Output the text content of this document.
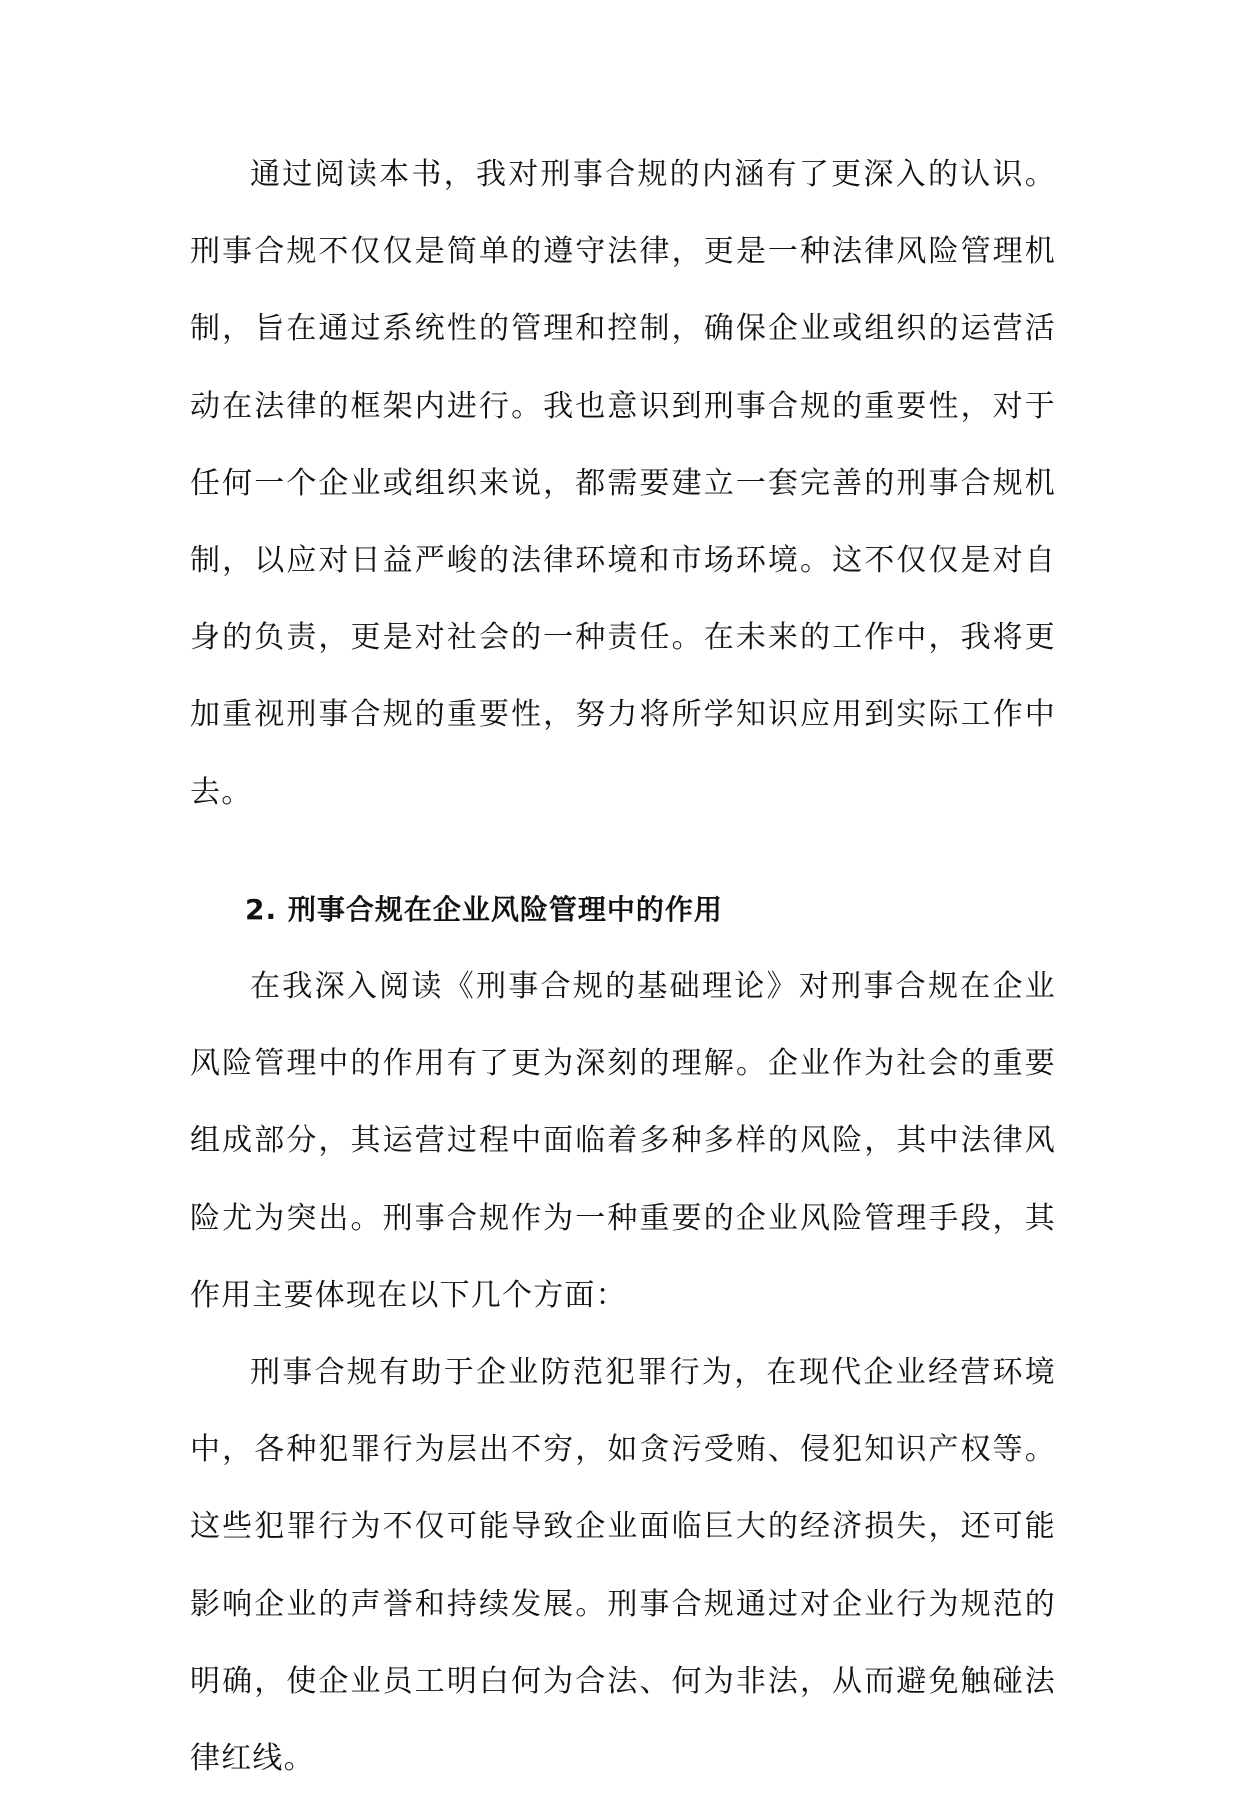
通过阅读本书，我对刑事合规的内涵有了更深入的认识。刑事合规不仅仅是简单的遵守法律，更是一种法律风险管理机制，旨在通过系统性的管理和控制，确保企业或组织的运营活动在法律的框架内进行。我也意识到刑事合规的重要性，对于任何一个企业或组织来说，都需要建立一套完善的刑事合规机制，以应对日益严峻的法律环境和市场环境。这不仅仅是对自身的负责，更是对社会的一种责任。在未来的工作中，我将更加重视刑事合规的重要性，努力将所学知识应用到实际工作中去。

2. 刑事合规在企业风险管理中的作用

在我深入阅读《刑事合规的基础理论》对刑事合规在企业风险管理中的作用有了更为深刻的理解。企业作为社会的重要组成部分，其运营过程中面临着多种多样的风险，其中法律风险尤为突出。刑事合规作为一种重要的企业风险管理手段，其作用主要体现在以下几个方面：

刑事合规有助于企业防范犯罪行为，在现代企业经营环境中，各种犯罪行为层出不穷，如贪污受贿、侵犯知识产权等。这些犯罪行为不仅可能导致企业面临巨大的经济损失，还可能影响企业的声誉和持续发展。刑事合规通过对企业行为规范的明确，使企业员工明白何为合法、何为非法，从而避免触碰法律红线。
